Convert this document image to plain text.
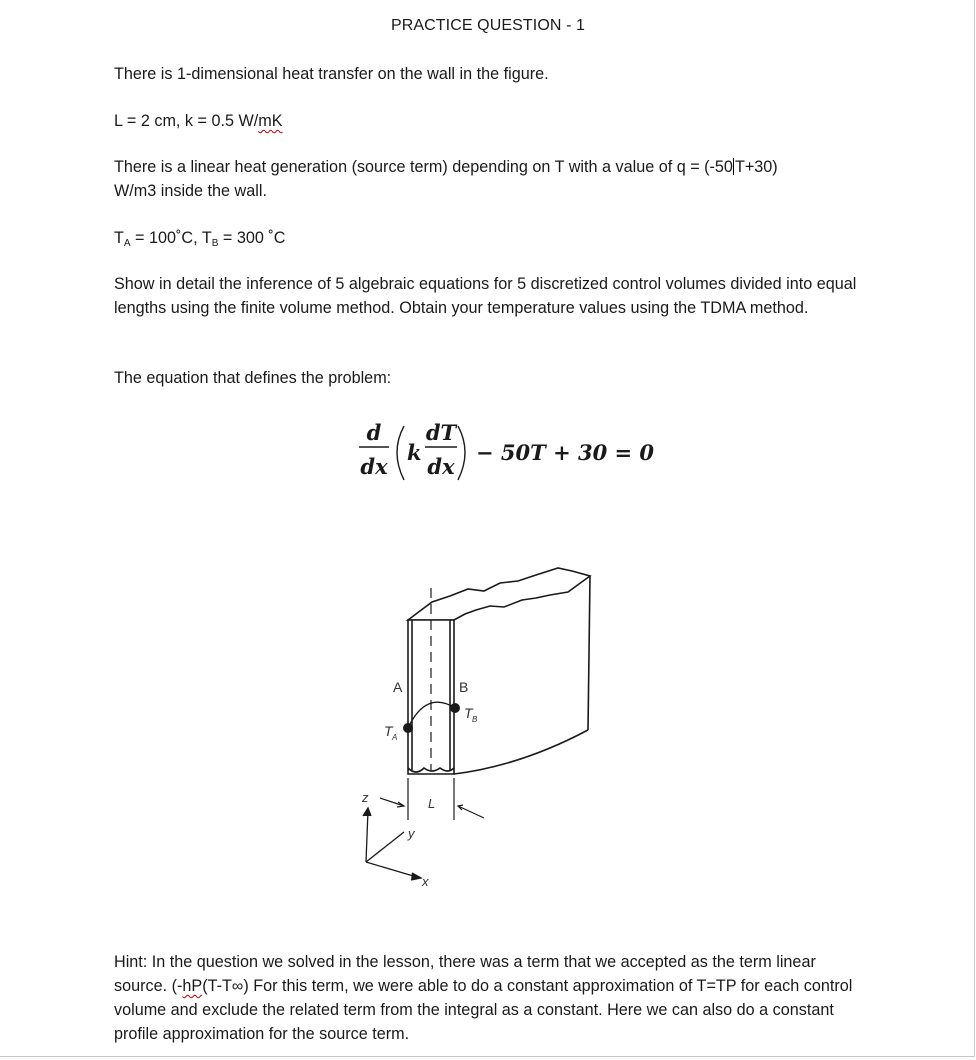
PRACTICE QUESTION - 1

There is 1-dimensional heat transfer on the wall in the figure.

L = 2 cm, k = 0.5 W/mK

There is a linear heat generation (source term) depending on T with a value of q = (-50 T+30)
W/m3 inside the wall.

$T_A$ = 100˚C, $T_B = 300$ ˚C

Show in detail the inference of 5 algebraic equations for 5 discretized control volumes divided into equal lengths using the finite volume method. Obtain your temperature values using the TDMA method.

The equation that defines the problem:

d
dx
k
dT
dx
− 50T + 30 = 0
A	B
T A
T B
L
z
y
x

Hint: In the question we solved in the lesson, there was a term that we accepted as the term linear source. (-hP(T-T∞) For this term, we were able to do a constant approximation of T=TP for each control volume and exclude the related term from the integral as a constant. Here we can also do a constant profile approximation for the source term.
